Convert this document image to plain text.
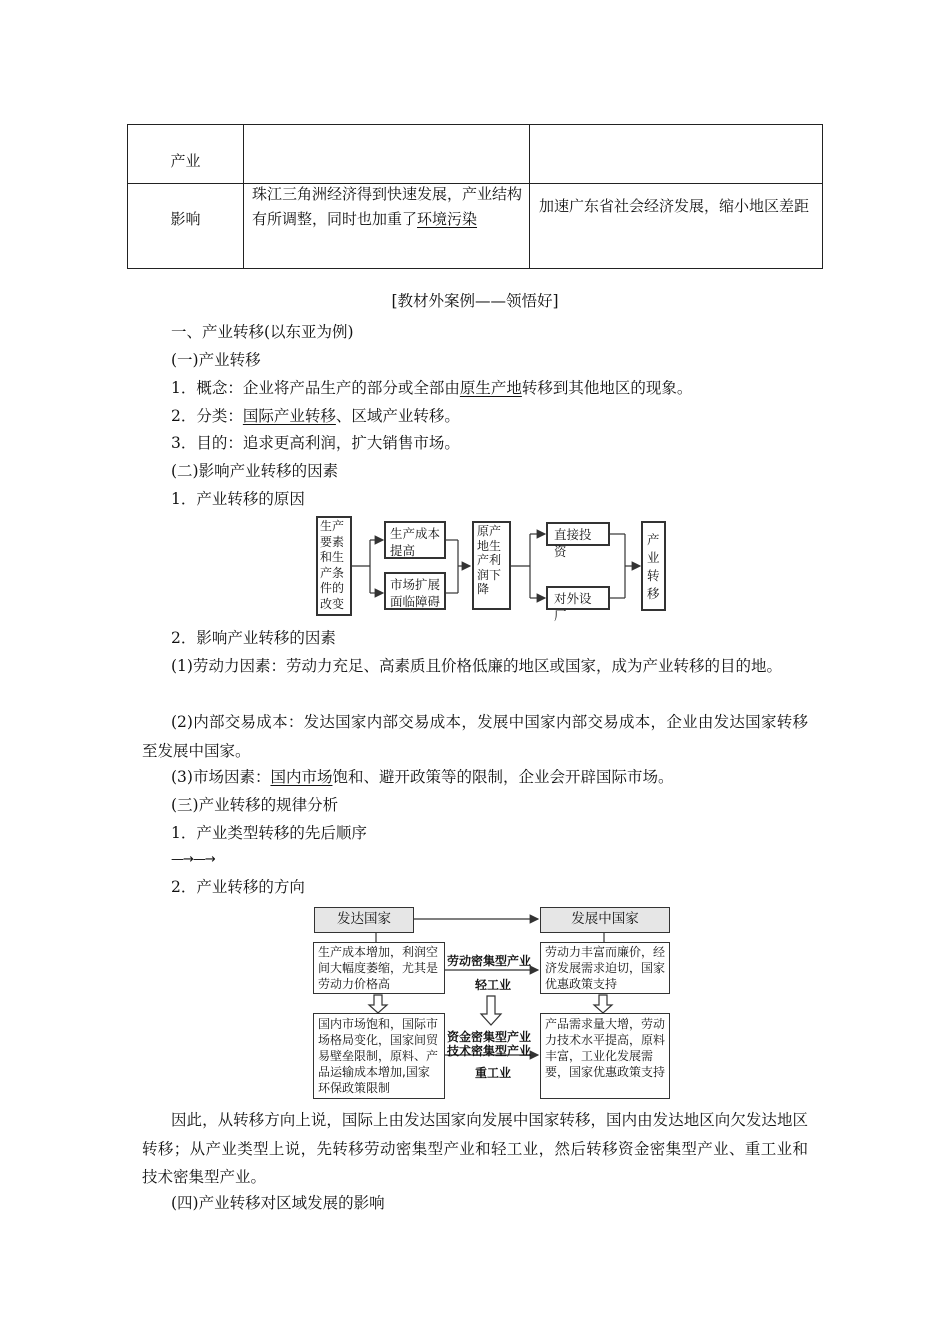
产业
影响
珠江三角洲经济得到快速发展，产业结构有所调整，同时也加重了环境污染
加速广东省社会经济发展，缩小地区差距
[教材外案例——领悟好]
一、产业转移(以东亚为例)
(一)产业转移
1．概念：企业将产品生产的部分或全部由原生产地转移到其他地区的现象。
2．分类：国际产业转移、区域产业转移。
3．目的：追求更高利润，扩大销售市场。
(二)影响产业转移的因素
1．产业转移的原因
生产要素和生产条件的改变
生产成本提高
市场扩展面临障碍
原产地生产利润下降
直接投资
对外设厂
产业转移
2．影响产业转移的因素
(1)劳动力因素：劳动力充足、高素质且价格低廉的地区或国家，成为产业转移的目的地。
(2)内部交易成本：发达国家内部交易成本，发展中国家内部交易成本，企业由发达国家转移至发展中国家。
(3)市场因素：国内市场饱和、避开政策等的限制，企业会开辟国际市场。
(三)产业转移的规律分析
1．产业类型转移的先后顺序
—→—→
2．产业转移的方向
发达国家	发展中国家
生产成本增加，利润空间大幅度萎缩，尤其是劳动力价格高
国内市场饱和，国际市场格局变化，国家间贸易壁垒限制，原料、产品运输成本增加,国家环保政策限制
劳动力丰富而廉价，经济发展需求迫切，国家优惠政策支持
产品需求量大增，劳动力技术水平提高，原料丰富，工业化发展需要，国家优惠政策支持
劳动密集型产业
轻工业
资金密集型产业
技术密集型产业
重工业
因此，从转移方向上说，国际上由发达国家向发展中国家转移，国内由发达地区向欠发达地区转移；从产业类型上说，先转移劳动密集型产业和轻工业，然后转移资金密集型产业、重工业和技术密集型产业。
(四)产业转移对区域发展的影响
